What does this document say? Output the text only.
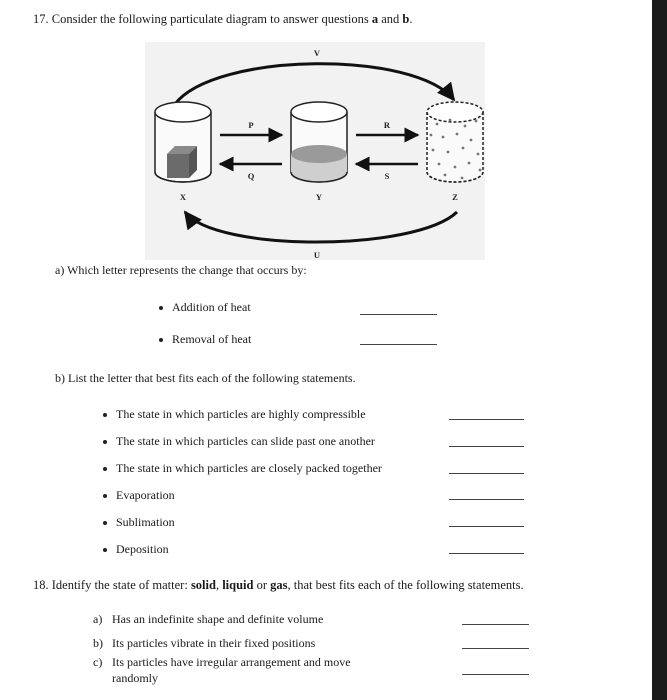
17. Consider the following particulate diagram to answer questions a and b.
V
U
X	Y	Z
P
Q
R
S
a) Which letter represents the change that occurs by:
Addition of heat
Removal of heat
b) List the letter that best fits each of the following statements.
The state in which particles are highly compressible
The state in which particles can slide past one another
The state in which particles are closely packed together
Evaporation
Sublimation
Deposition
18. Identify the state of matter: solid, liquid or gas, that best fits each of the following statements.
a) Has an indefinite shape and definite volume
b) Its particles vibrate in their fixed positions
c) Its particles have irregular arrangement and move
randomly
